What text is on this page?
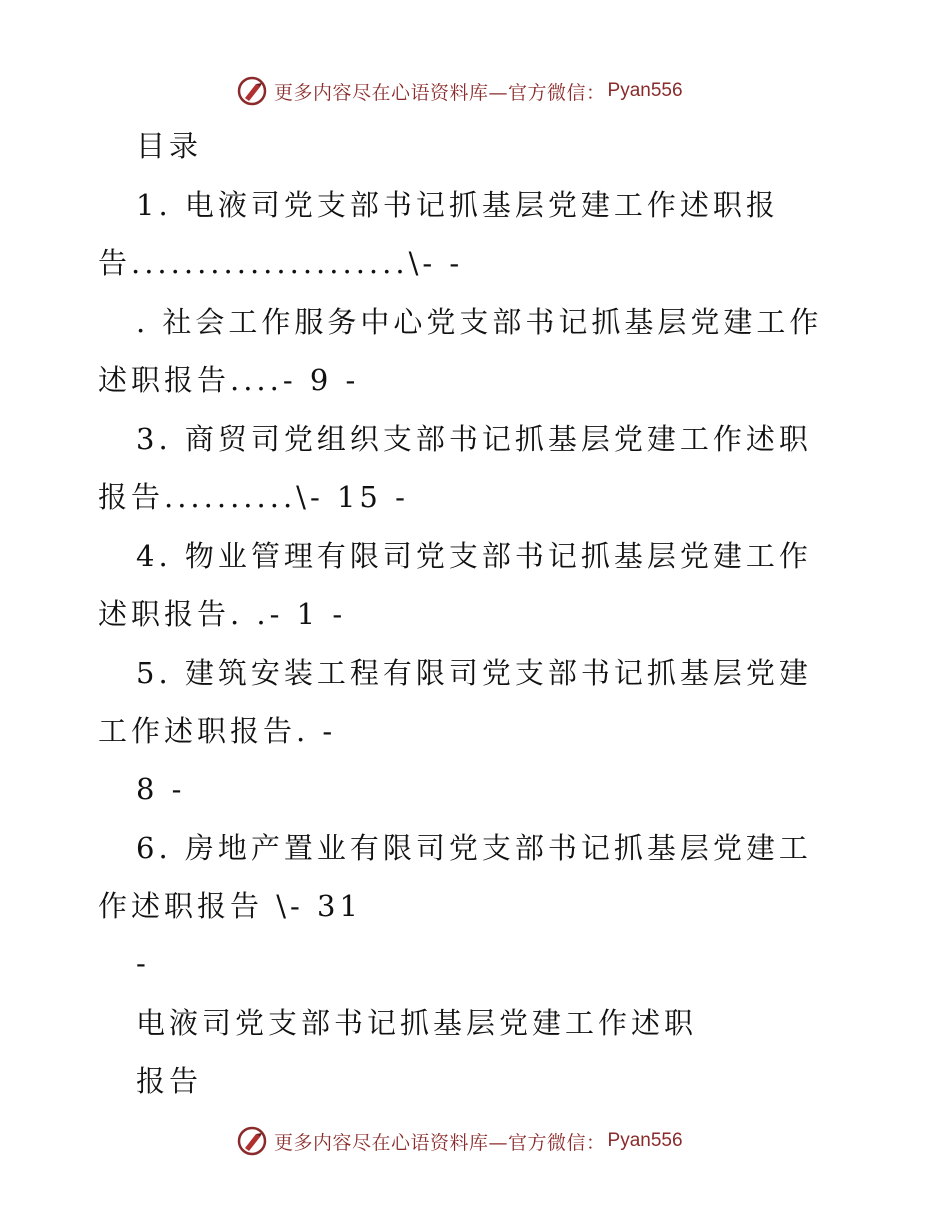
更多内容尽在心语资料库—官方微信： Pyan556
目录
1. 电液司党支部书记抓基层党建工作述职报
告.....................\- -
. 社会工作服务中心党支部书记抓基层党建工作
述职报告....- 9 -
3. 商贸司党组织支部书记抓基层党建工作述职
报告..........\- 15 -
4. 物业管理有限司党支部书记抓基层党建工作
述职报告. .- 1 -
5. 建筑安装工程有限司党支部书记抓基层党建
工作述职报告. -
8 -
6. 房地产置业有限司党支部书记抓基层党建工
作述职报告 \- 31
-
电液司党支部书记抓基层党建工作述职
报告
更多内容尽在心语资料库—官方微信： Pyan556
